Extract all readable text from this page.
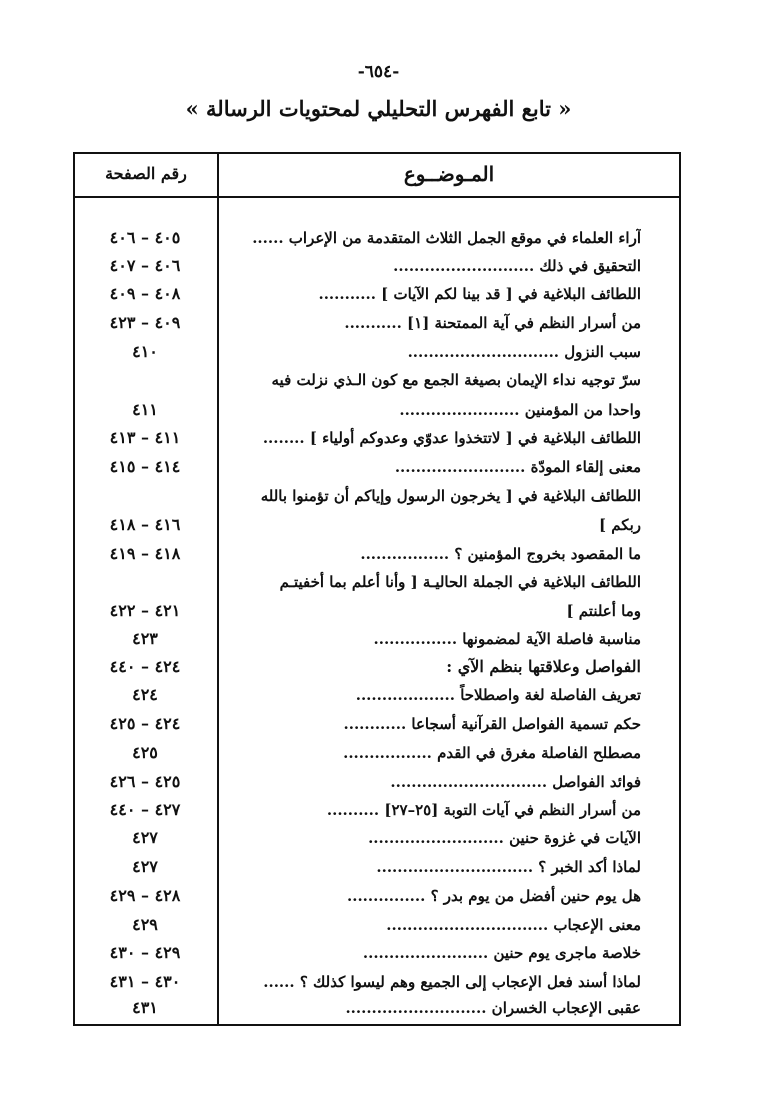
-٦٥٤-
« تابع الفهرس التحليلي لمحتويات الرسالة »
رقم الصفحة	المـوضــوع
آراء العلماء في موقع الجمل الثلاث المتقدمة من الإعراب ......
٤٠٥ – ٤٠٦
التحقيق في ذلك ...........................
٤٠٦ – ٤٠٧
اللطائف البلاغية في [ قد بينا لكم الآيات ] ...........
٤٠٨ – ٤٠٩
من أسرار النظم في آية الممتحنة [١] ...........
٤٠٩ – ٤٢٣
سبب النزول .............................
٤١٠
سرّ توجيه نداء الإيمان بصيغة الجمع مع كون الـذي نزلت فيه
واحدا من المؤمنين .......................
٤١١
اللطائف البلاغية في [ لاتتخذوا عدوّي وعدوكم أولياء ] ........
٤١١ – ٤١٣
معنى إلقاء المودّة .........................
٤١٤ – ٤١٥
اللطائف البلاغية في [ يخرجون الرسول وإياكم أن تؤمنوا بالله
ربكم ]
٤١٦ – ٤١٨
ما المقصود بخروج المؤمنين ؟ .................
٤١٨ – ٤١٩
اللطائف البلاغية في الجملة الحاليـة [ وأنا أعلم بما أخفيتـم
وما أعلنتم ]
٤٢١ – ٤٢٢
مناسبة فاصلة الآية لمضمونها ................
٤٢٣
الفواصل وعلاقتها بنظم الآي :
٤٢٤ – ٤٤٠
تعريف الفاصلة لغة واصطلاحاً ...................
٤٢٤
حكم تسمية الفواصل القرآنية أسجاعا ............
٤٢٤ – ٤٢٥
مصطلح الفاصلة مغرق في القدم .................
٤٢٥
فوائد الفواصل ..............................
٤٢٥ – ٤٢٦
من أسرار النظم في آيات التوبة [٢٥–٢٧] ..........
٤٢٧ – ٤٤٠
الآيات في غزوة حنين ..........................
٤٢٧
لماذا أكد الخبر ؟ ..............................
٤٢٧
هل يوم حنين أفضل من يوم بدر ؟ ...............
٤٢٨ – ٤٢٩
معنى الإعجاب ...............................
٤٢٩
خلاصة ماجرى يوم حنين ........................
٤٢٩ – ٤٣٠
لماذا أسند فعل الإعجاب إلى الجميع وهم ليسوا كذلك ؟ ......
٤٣٠ – ٤٣١
عقبى الإعجاب الخسران ...........................
٤٣١
